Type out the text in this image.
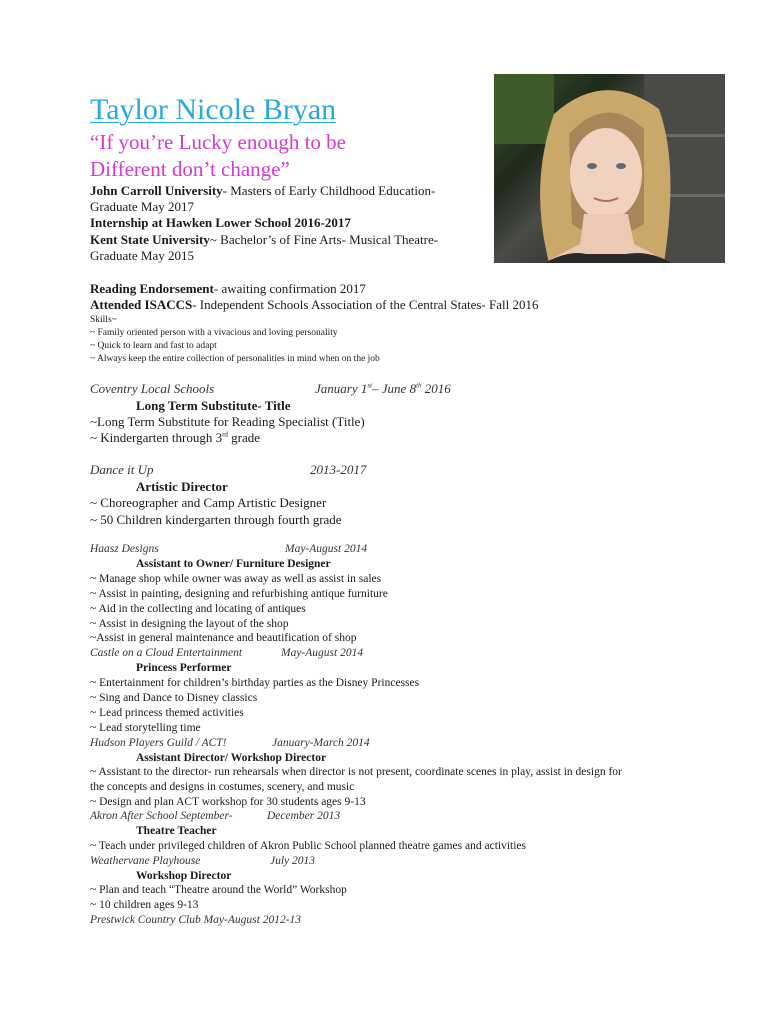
Taylor Nicole Bryan
“If you’re Lucky enough to be
Different don’t change”
John Carroll University- Masters of Early Childhood Education-
Graduate May 2017
Internship at Hawken Lower School 2016-2017
Kent State University~ Bachelor’s of Fine Arts- Musical Theatre-
Graduate May 2015
Reading Endorsement- awaiting confirmation 2017
Attended ISACCS- Independent Schools Association of the Central States- Fall 2016
Skills~
~ Family oriented person with a vivacious and loving personality
~ Quick to learn and fast to adapt
~ Always keep the entire collection of personalities in mind when on the job
Coventry Local Schools	January 1st– June 8th 2016
Long Term Substitute- Title
~Long Term Substitute for Reading Specialist (Title)
~ Kindergarten through 3rd grade
Dance it Up	2013-2017
Artistic Director
~ Choreographer and Camp Artistic Designer
~ 50 Children kindergarten through fourth grade
Haasz Designs	May-August 2014
Assistant to Owner/ Furniture Designer
~ Manage shop while owner was away as well as assist in sales
~ Assist in painting, designing and refurbishing antique furniture
~ Aid in the collecting and locating of antiques
~ Assist in designing the layout of the shop
~Assist in general maintenance and beautification of shop
Castle on a Cloud Entertainment	May-August 2014
Princess Performer
~ Entertainment for children’s birthday parties as the Disney Princesses
~ Sing and Dance to Disney classics
~ Lead princess themed activities
~ Lead storytelling time
Hudson Players Guild / ACT!	January-March 2014
Assistant Director/ Workshop Director
~ Assistant to the director- run rehearsals when director is not present, coordinate scenes in play, assist in design for
the concepts and designs in costumes, scenery, and music
~ Design and plan ACT workshop for 30 students ages 9-13
Akron After School September-	December 2013
Theatre Teacher
~ Teach under privileged children of Akron Public School planned theatre games and activities
Weathervane Playhouse	July 2013
Workshop Director
~ Plan and teach “Theatre around the World” Workshop
~ 10 children ages 9-13
Prestwick Country Club May-August 2012-13
